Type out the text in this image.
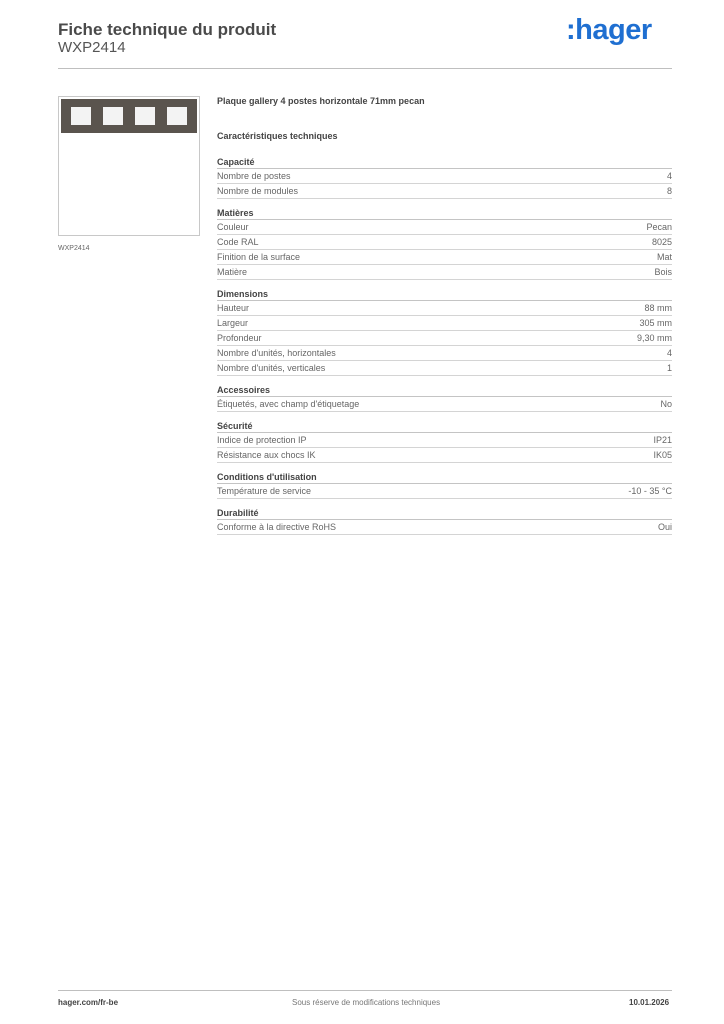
Fiche technique du produit
WXP2414
:hager
WXP2414
Plaque gallery 4 postes horizontale 71mm pecan
Caractéristiques techniques
Capacité
Nombre de postes	4
Nombre de modules	8
Matières
Couleur	Pecan
Code RAL	8025
Finition de la surface	Mat
Matière	Bois
Dimensions
Hauteur	88 mm
Largeur	305 mm
Profondeur	9,30 mm
Nombre d'unités, horizontales	4
Nombre d'unités, verticales	1
Accessoires
Étiquetés, avec champ d'étiquetage	No
Sécurité
Indice de protection IP	IP21
Résistance aux chocs IK	IK05
Conditions d'utilisation
Température de service	-10 - 35 °C
Durabilité
Conforme à la directive RoHS	Oui
hager.com/fr-be	Sous réserve de modifications techniques	10.01.2026
